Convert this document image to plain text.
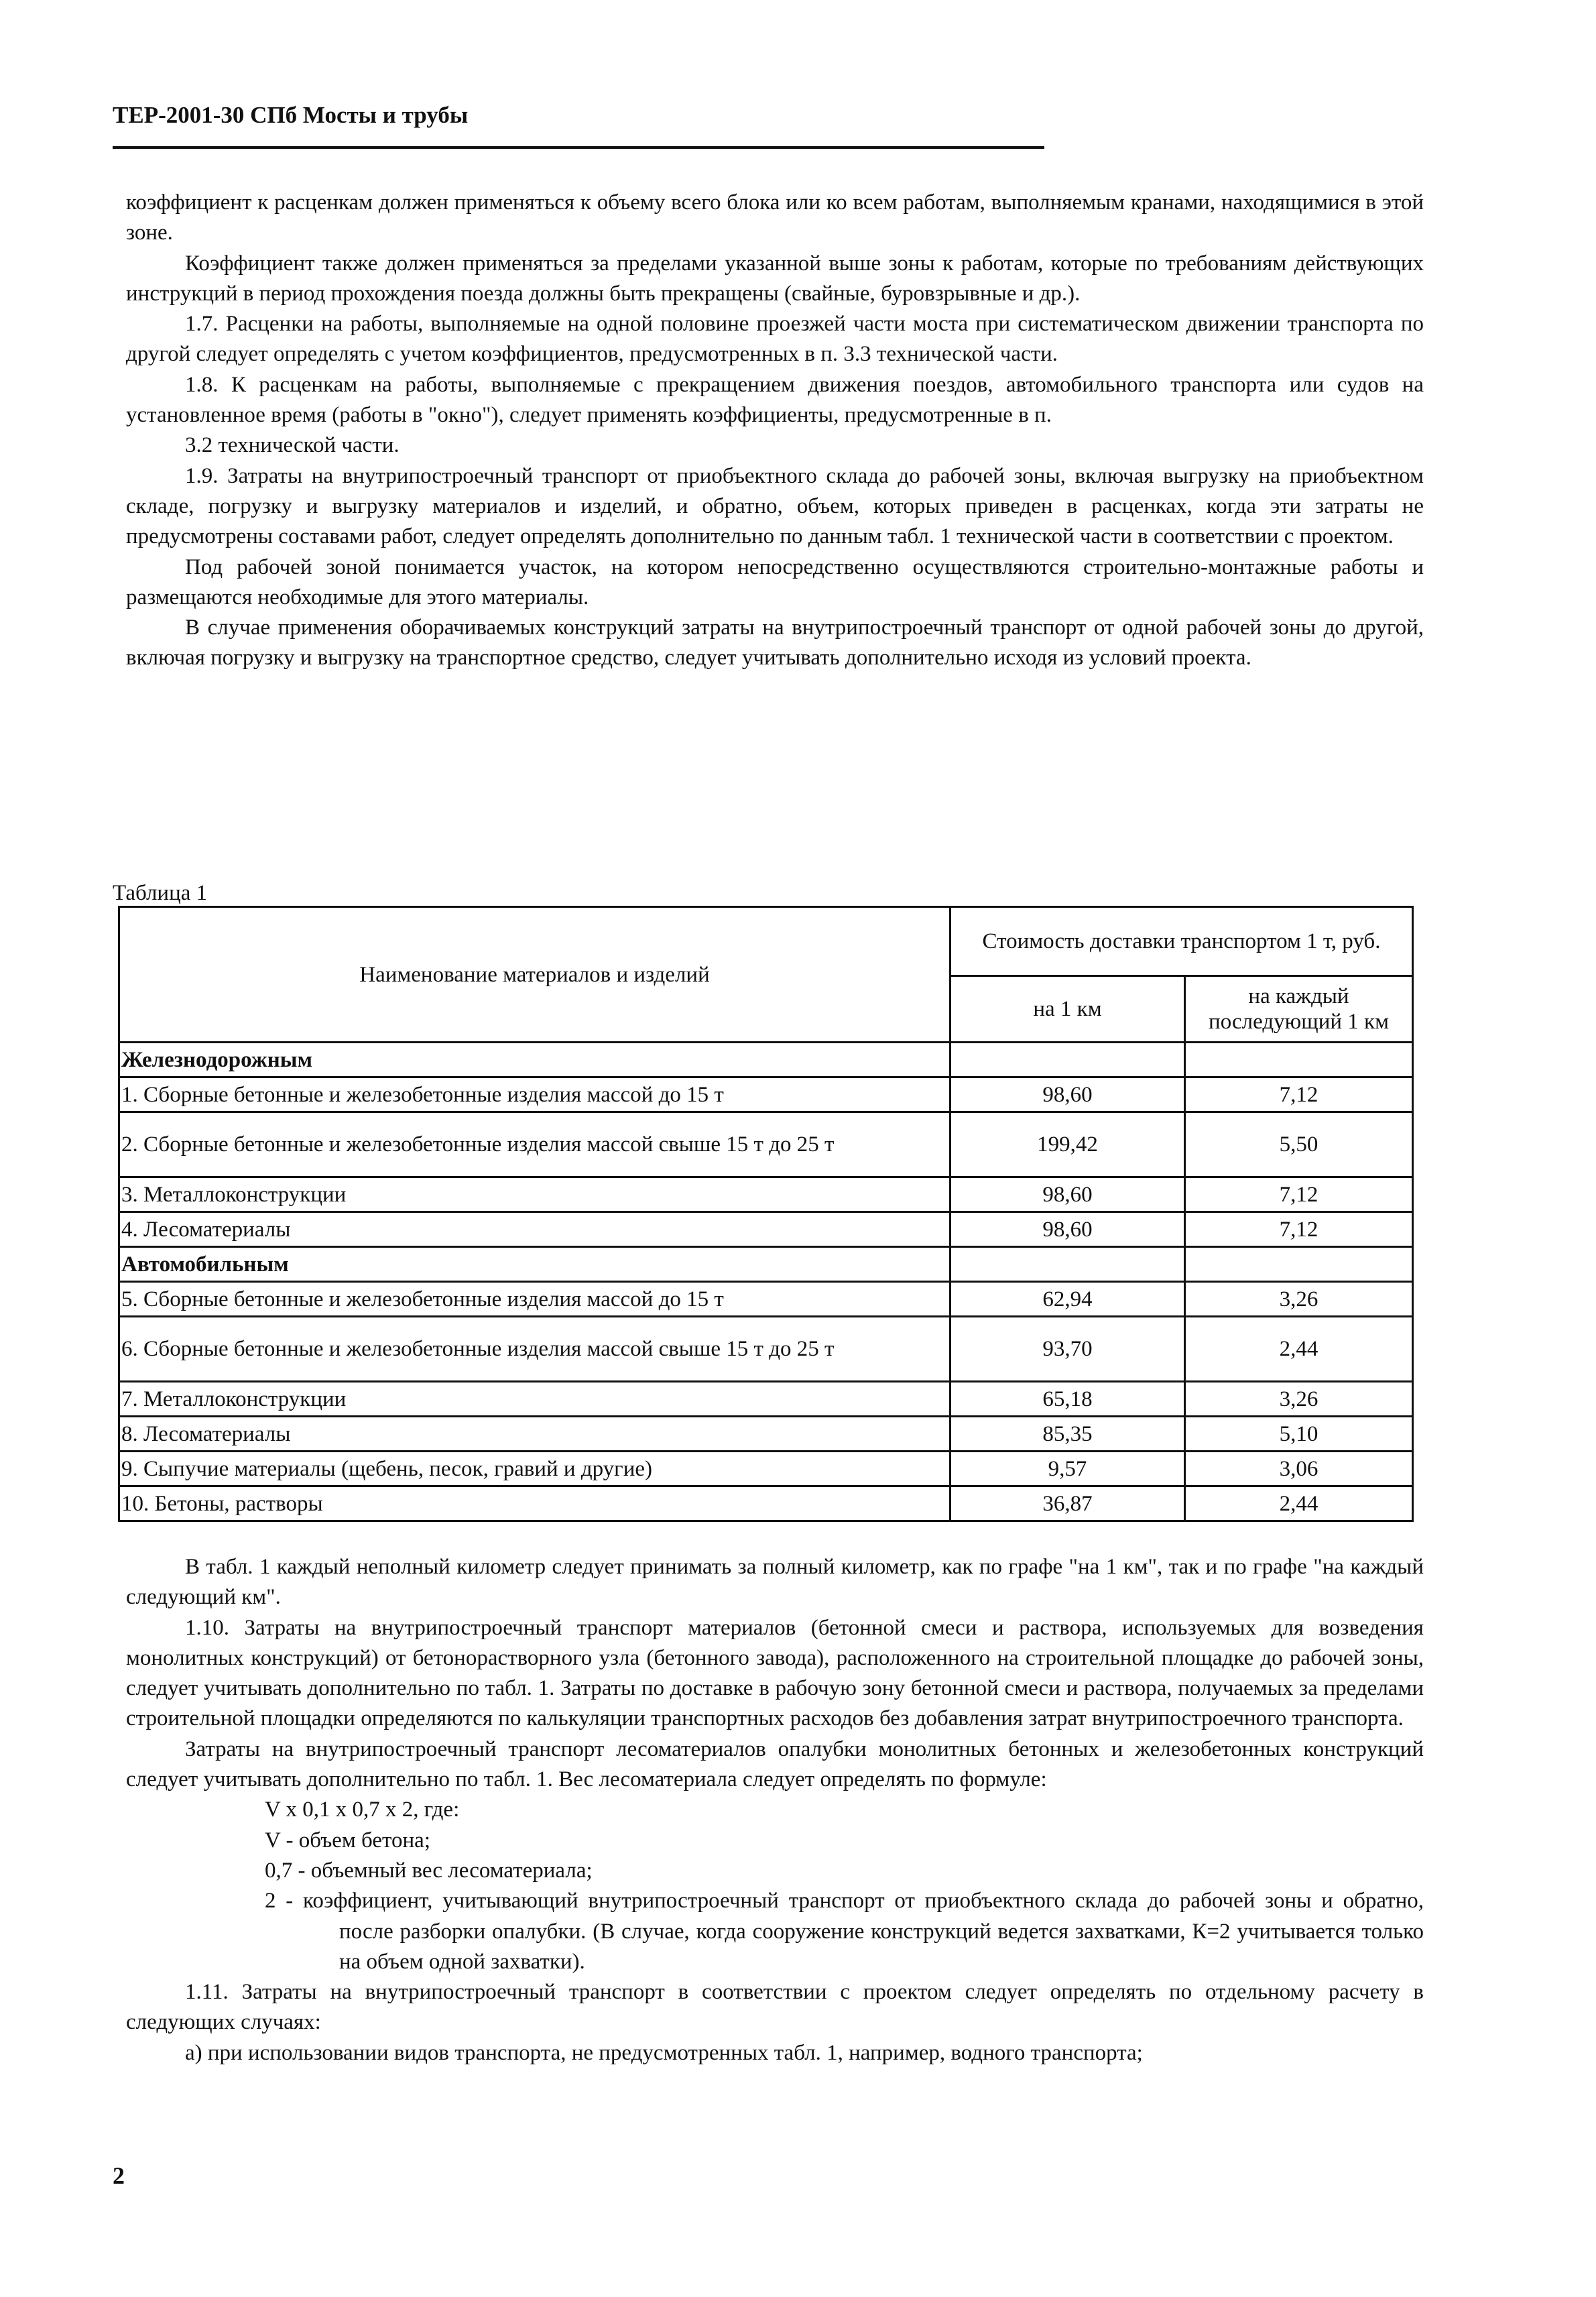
ТЕР-2001-30 СПб Мосты и трубы

коэффициент к расценкам должен применяться к объему всего блока или ко всем работам, выполняемым кранами, находящимися в этой зоне.

Коэффициент также должен применяться за пределами указанной выше зоны к работам, которые по требованиям действующих инструкций в период прохождения поезда должны быть прекращены (свайные, буровзрывные и др.).

1.7. Расценки на работы, выполняемые на одной половине проезжей части моста при систематическом движении транспорта по другой следует определять с учетом коэффициентов, предусмотренных в п. 3.3 технической части.

1.8. К расценкам на работы, выполняемые с прекращением движения поездов, автомобильного транспорта или судов на установленное время (работы в "окно"), следует применять коэффициенты, предусмотренные в п.

3.2 технической части.

1.9. Затраты на внутрипостроечный транспорт от приобъектного склада до рабочей зоны, включая выгрузку на приобъектном складе, погрузку и выгрузку материалов и изделий, и обратно, объем, которых приведен в расценках, когда эти затраты не предусмотрены составами работ, следует определять дополнительно по данным табл. 1 технической части в соответствии с проектом.

Под рабочей зоной понимается участок, на котором непосредственно осуществляются строительно-монтажные работы и размещаются необходимые для этого материалы.

В случае применения оборачиваемых конструкций затраты на внутрипостроечный транспорт от одной рабочей зоны до другой, включая погрузку и выгрузку на транспортное средство, следует учитывать дополнительно исходя из условий проекта.

Таблица 1
Наименование материалов и изделий	Стоимость доставки транспортом 1 т, руб.	
	на 1 км	на каждый последующий 1 км
Железнодорожным		
1. Сборные бетонные и железобетонные изделия массой до 15 т	98,60	7,12
2. Сборные бетонные и железобетонные изделия массой свыше 15 т до 25 т	199,42	5,50
3. Металлоконструкции	98,60	7,12
4. Лесоматериалы	98,60	7,12
Автомобильным		
5. Сборные бетонные и железобетонные изделия массой до 15 т	62,94	3,26
6. Сборные бетонные и железобетонные изделия массой свыше 15 т до 25 т	93,70	2,44
7. Металлоконструкции	65,18	3,26
8. Лесоматериалы	85,35	5,10
9. Сыпучие материалы (щебень, песок, гравий и другие)	9,57	3,06
10. Бетоны, растворы	36,87	2,44

В табл. 1 каждый неполный километр следует принимать за полный километр, как по графе "на 1 км", так и по графе "на каждый следующий км".

1.10. Затраты на внутрипостроечный транспорт материалов (бетонной смеси и раствора, используемых для возведения монолитных конструкций) от бетонорастворного узла (бетонного завода), расположенного на строительной площадке до рабочей зоны, следует учитывать дополнительно по табл. 1. Затраты по доставке в рабочую зону бетонной смеси и раствора, получаемых за пределами строительной площадки определяются по калькуляции транспортных расходов без добавления затрат внутрипостроечного транспорта.

Затраты на внутрипостроечный транспорт лесоматериалов опалубки монолитных бетонных и железобетонных конструкций следует учитывать дополнительно по табл. 1. Вес лесоматериала следует определять по формуле:

V х 0,1 х 0,7 х 2, где:

V - объем бетона;

0,7 - объемный вес лесоматериала;

2 - коэффициент, учитывающий внутрипостроечный транспорт от приобъектного склада до рабочей зоны и обратно, после разборки опалубки. (В случае, когда сооружение конструкций ведется захватками, К=2 учитывается только на объем одной захватки).

1.11. Затраты на внутрипостроечный транспорт в соответствии с проектом следует определять по отдельному расчету в следующих случаях:

а) при использовании видов транспорта, не предусмотренных табл. 1, например, водного транспорта;

2
